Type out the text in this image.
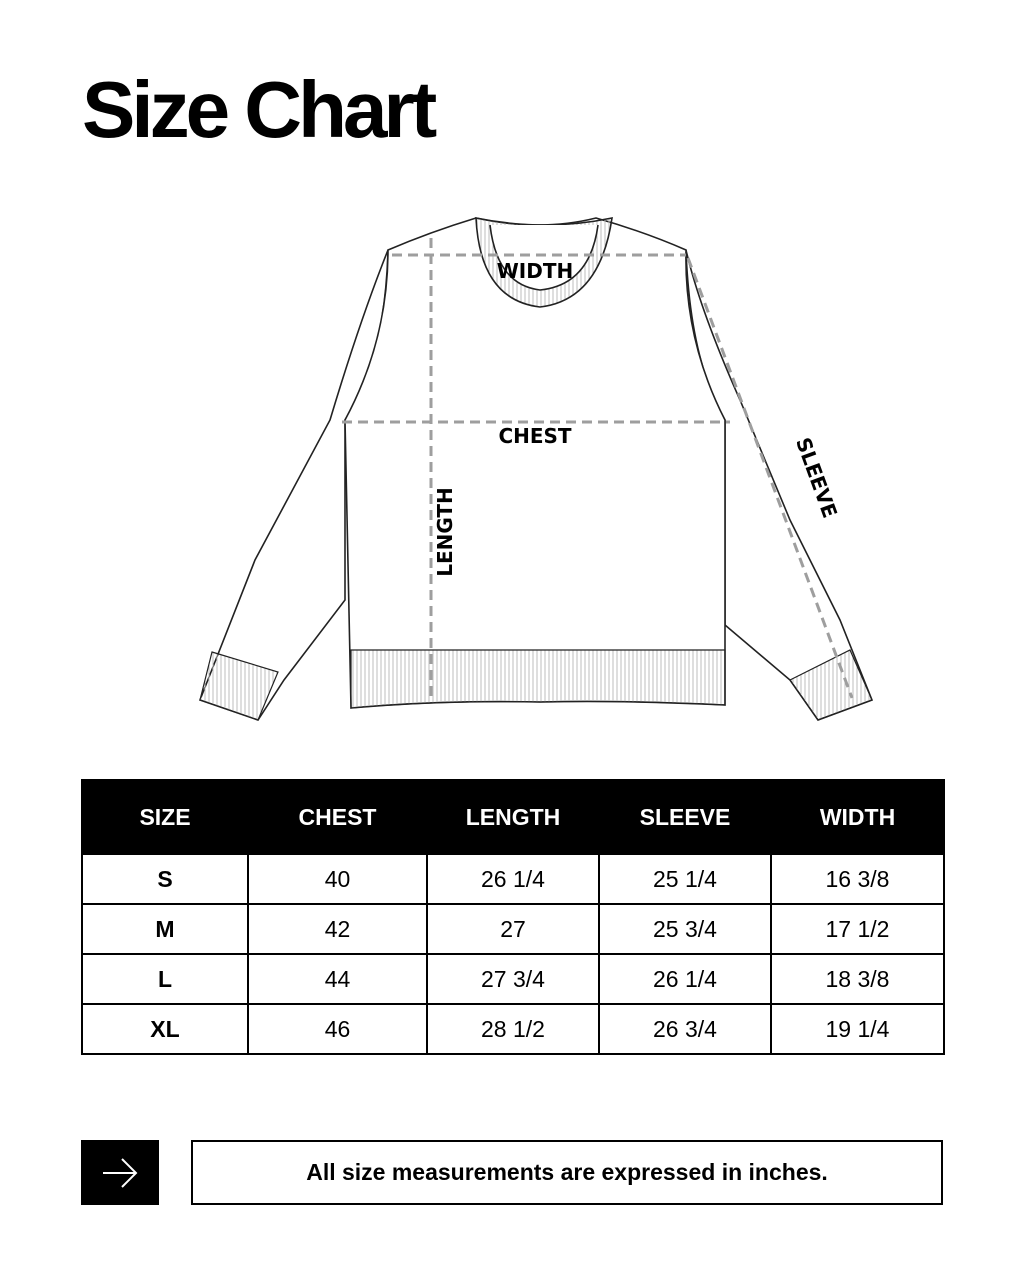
Size Chart
WIDTH
CHEST
LENGTH
SLEEVE
SIZE	CHEST	LENGTH	SLEEVE	WIDTH
S	40	26 1/4	25 1/4	16 3/8
M	42	27	25 3/4	17 1/2
L	44	27 3/4	26 1/4	18 3/8
XL	46	28 1/2	26 3/4	19 1/4
All size measurements are expressed in inches.
